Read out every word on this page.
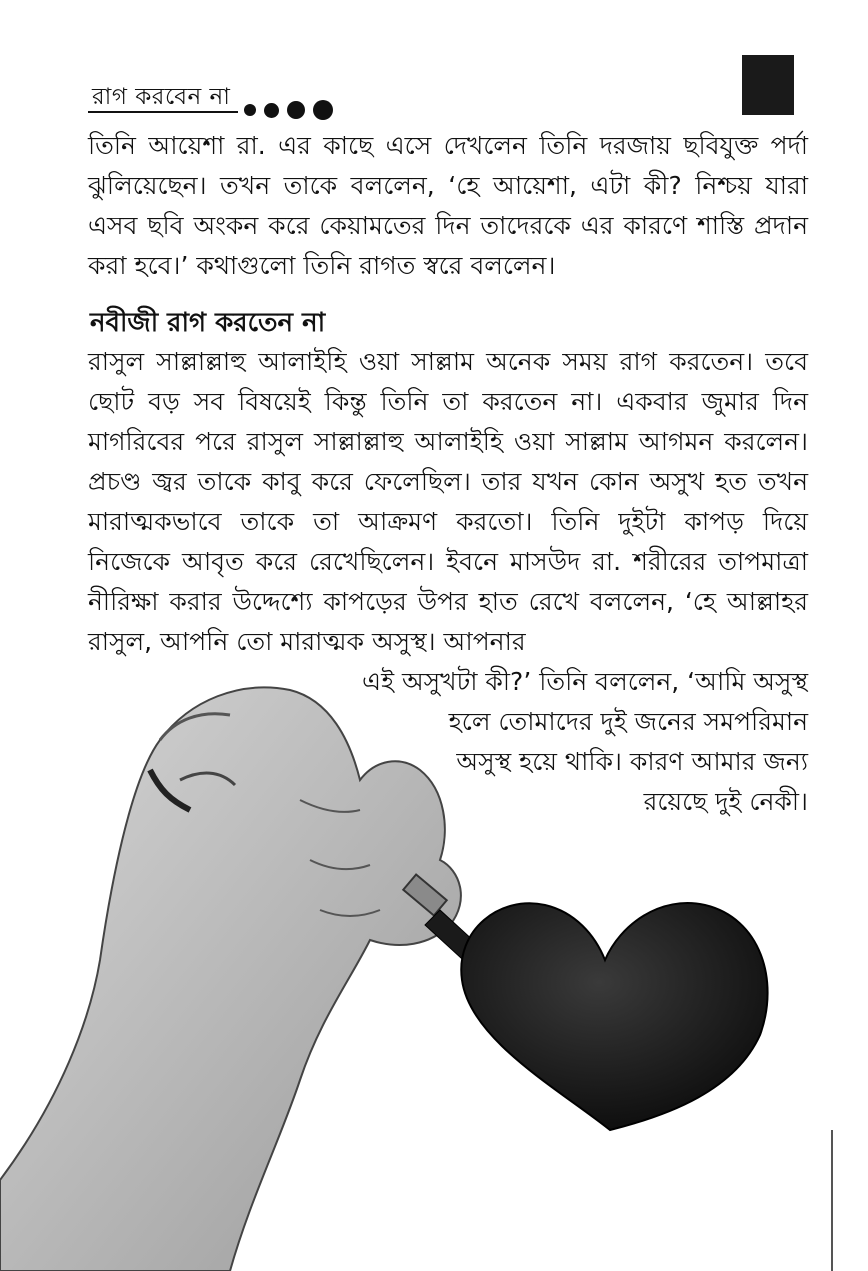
রাগ করবেন না

তিনি আয়েশা রা. এর কাছে এসে দেখলেন তিনি দরজায় ছবিযুক্ত পর্দা ঝুলিয়েছেন। তখন তাকে বললেন, ‘হে আয়েশা, এটা কী? নিশ্চয় যারা এসব ছবি অংকন করে কেয়ামতের দিন তাদেরকে এর কারণে শাস্তি প্রদান করা হবে।’ কথাগুলো তিনি রাগত স্বরে বললেন।

নবীজী রাগ করতেন না

রাসুল সাল্লাল্লাহু আলাইহি ওয়া সাল্লাম অনেক সময় রাগ করতেন। তবে ছোট বড় সব বিষয়েই কিন্তু তিনি তা করতেন না। একবার জুমার দিন মাগরিবের পরে রাসুল সাল্লাল্লাহু আলাইহি ওয়া সাল্লাম আগমন করলেন। প্রচণ্ড জ্বর তাকে কাবু করে ফেলেছিল। তার যখন কোন অসুখ হত তখন মারাত্মকভাবে তাকে তা আক্রমণ করতো। তিনি দুইটা কাপড় দিয়ে নিজেকে আবৃত করে রেখেছিলেন। ইবনে মাসউদ রা. শরীরের তাপমাত্রা নীরিক্ষা করার উদ্দেশ্যে কাপড়ের উপর হাত রেখে বললেন, ‘হে আল্লাহর রাসুল, আপনি তো মারাত্মক অসুস্থ। আপনার

এই অসুখটা কী?’ তিনি বললেন, ‘আমি অসুস্থ

হলে তোমাদের দুই জনের সমপরিমান

অসুস্থ হয়ে থাকি। কারণ আমার জন্য

রয়েছে দুই নেকী।
